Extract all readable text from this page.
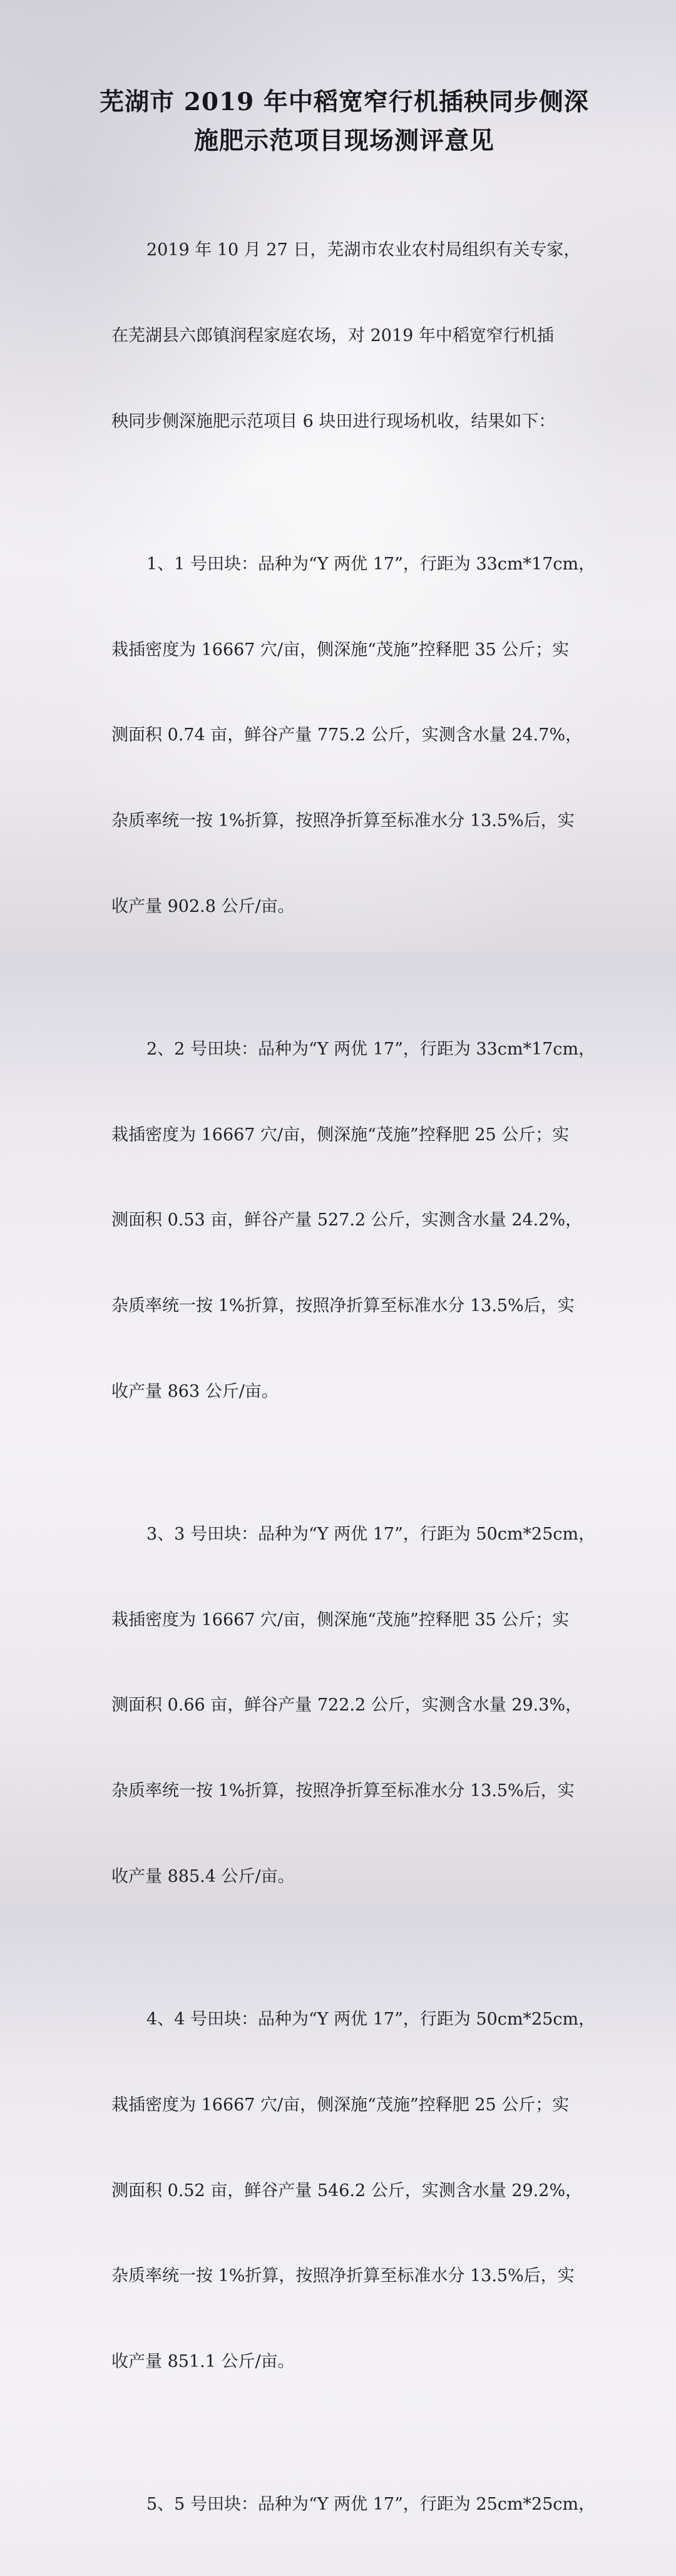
芜湖市 2019 年中稻宽窄行机插秧同步侧深
施肥示范项目现场测评意见

2019 年 10 月 27 日，芜湖市农业农村局组织有关专家，

在芜湖县六郎镇润程家庭农场，对 2019 年中稻宽窄行机插

秧同步侧深施肥示范项目 6 块田进行现场机收，结果如下：

1、1 号田块：品种为“Y 两优 17”，行距为 33cm*17cm，

栽插密度为 16667 穴/亩，侧深施“茂施”控释肥 35 公斤；实

测面积 0.74 亩，鲜谷产量 775.2 公斤，实测含水量 24.7%，

杂质率统一按 1%折算，按照净折算至标准水分 13.5%后，实

收产量 902.8 公斤/亩。

2、2 号田块：品种为“Y 两优 17”，行距为 33cm*17cm，

栽插密度为 16667 穴/亩，侧深施“茂施”控释肥 25 公斤；实

测面积 0.53 亩，鲜谷产量 527.2 公斤，实测含水量 24.2%，

杂质率统一按 1%折算，按照净折算至标准水分 13.5%后，实

收产量 863 公斤/亩。

3、3 号田块：品种为“Y 两优 17”，行距为 50cm*25cm，

栽插密度为 16667 穴/亩，侧深施“茂施”控释肥 35 公斤；实

测面积 0.66 亩，鲜谷产量 722.2 公斤，实测含水量 29.3%，

杂质率统一按 1%折算，按照净折算至标准水分 13.5%后，实

收产量 885.4 公斤/亩。

4、4 号田块：品种为“Y 两优 17”，行距为 50cm*25cm，

栽插密度为 16667 穴/亩，侧深施“茂施”控释肥 25 公斤；实

测面积 0.52 亩，鲜谷产量 546.2 公斤，实测含水量 29.2%，

杂质率统一按 1%折算，按照净折算至标准水分 13.5%后，实

收产量 851.1 公斤/亩。

5、5 号田块：品种为“Y 两优 17”，行距为 25cm*25cm，
